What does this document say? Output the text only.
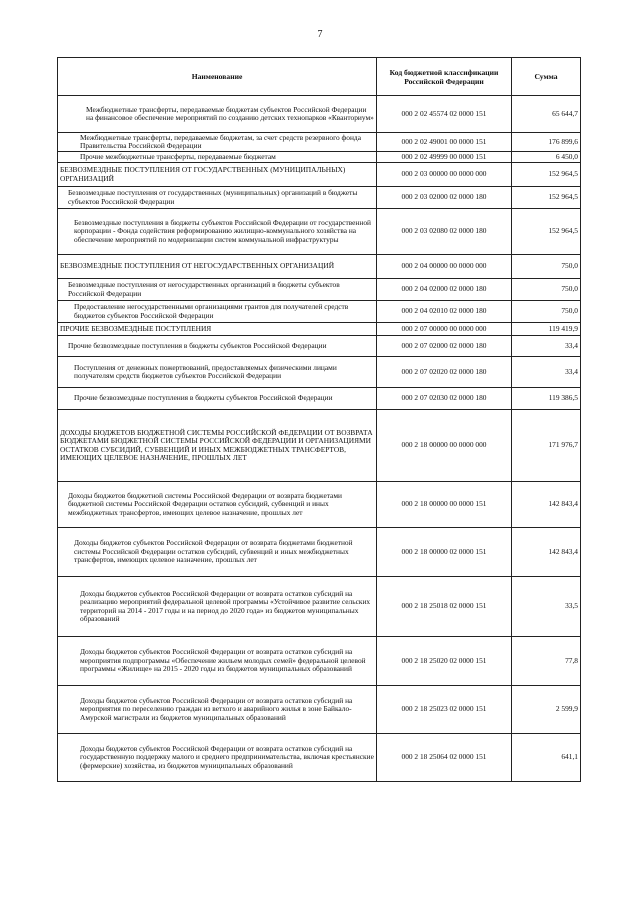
7
Наименование	Код бюджетной классификации Российской Федерации	Сумма
Межбюджетные трансферты, передаваемые бюджетам субъектов Российской Федерации на финансовое обеспечение мероприятий по созданию детских технопарков «Кванториум»	000 2 02 45574 02 0000 151	65 644,7
Межбюджетные трансферты, передаваемые бюджетам, за счет средств резервного фонда Правительства Российской Федерации	000 2 02 49001 00 0000 151	176 899,6
Прочие межбюджетные трансферты, передаваемые бюджетам	000 2 02 49999 00 0000 151	6 450,0
БЕЗВОЗМЕЗДНЫЕ ПОСТУПЛЕНИЯ ОТ ГОСУДАРСТВЕННЫХ (МУНИЦИПАЛЬНЫХ) ОРГАНИЗАЦИЙ	000 2 03 00000 00 0000 000	152 964,5
Безвозмездные поступления от государственных (муниципальных) организаций в бюджеты субъектов Российской Федерации	000 2 03 02000 02 0000 180	152 964,5
Безвозмездные поступления в бюджеты субъектов Российской Федерации от государственной корпорации - Фонда содействия реформированию жилищно-коммунального хозяйства на обеспечение мероприятий по модернизации систем коммунальной инфраструктуры	000 2 03 02080 02 0000 180	152 964,5
БЕЗВОЗМЕЗДНЫЕ ПОСТУПЛЕНИЯ ОТ НЕГОСУДАРСТВЕННЫХ ОРГАНИЗАЦИЙ	000 2 04 00000 00 0000 000	750,0
Безвозмездные поступления от негосударственных организаций в бюджеты субъектов Российской Федерации	000 2 04 02000 02 0000 180	750,0
Предоставление негосударственными организациями грантов для получателей средств бюджетов субъектов Российской Федерации	000 2 04 02010 02 0000 180	750,0
ПРОЧИЕ БЕЗВОЗМЕЗДНЫЕ ПОСТУПЛЕНИЯ	000 2 07 00000 00 0000 000	119 419,9
Прочие безвозмездные поступления в бюджеты субъектов Российской Федерации	000 2 07 02000 02 0000 180	33,4
Поступления от денежных пожертвований, предоставляемых физическими лицами получателям средств бюджетов субъектов Российской Федерации	000 2 07 02020 02 0000 180	33,4
Прочие безвозмездные поступления в бюджеты субъектов Российской Федерации	000 2 07 02030 02 0000 180	119 386,5
ДОХОДЫ БЮДЖЕТОВ БЮДЖЕТНОЙ СИСТЕМЫ РОССИЙСКОЙ ФЕДЕРАЦИИ ОТ ВОЗВРАТА БЮДЖЕТАМИ БЮДЖЕТНОЙ СИСТЕМЫ РОССИЙСКОЙ ФЕДЕРАЦИИ И ОРГАНИЗАЦИЯМИ ОСТАТКОВ СУБСИДИЙ, СУБВЕНЦИЙ И ИНЫХ МЕЖБЮДЖЕТНЫХ ТРАНСФЕРТОВ, ИМЕЮЩИХ ЦЕЛЕВОЕ НАЗНАЧЕНИЕ, ПРОШЛЫХ ЛЕТ	000 2 18 00000 00 0000 000	171 976,7
Доходы бюджетов бюджетной системы Российской Федерации от возврата бюджетами бюджетной системы Российской Федерации остатков субсидий, субвенций и иных межбюджетных трансфертов, имеющих целевое назначение, прошлых лет	000 2 18 00000 00 0000 151	142 843,4
Доходы бюджетов субъектов Российской Федерации от возврата бюджетами бюджетной системы Российской Федерации остатков субсидий, субвенций и иных межбюджетных трансфертов, имеющих целевое назначение, прошлых лет	000 2 18 00000 02 0000 151	142 843,4
Доходы бюджетов субъектов Российской Федерации от возврата остатков субсидий на реализацию мероприятий федеральной целевой программы «Устойчивое развитие сельских территорий на 2014 - 2017 годы и на период до 2020 года» из бюджетов муниципальных образований	000 2 18 25018 02 0000 151	33,5
Доходы бюджетов субъектов Российской Федерации от возврата остатков субсидий на мероприятия подпрограммы «Обеспечение жильем молодых семей» федеральной целевой программы «Жилище» на 2015 - 2020 годы из бюджетов муниципальных образований	000 2 18 25020 02 0000 151	77,8
Доходы бюджетов субъектов Российской Федерации от возврата остатков субсидий на мероприятия по переселению граждан из ветхого и аварийного жилья в зоне Байкало-Амурской магистрали из бюджетов муниципальных образований	000 2 18 25023 02 0000 151	2 599,9
Доходы бюджетов субъектов Российской Федерации от возврата остатков субсидий на государственную поддержку малого и среднего предпринимательства, включая крестьянские (фермерские) хозяйства, из бюджетов муниципальных образований	000 2 18 25064 02 0000 151	641,1
